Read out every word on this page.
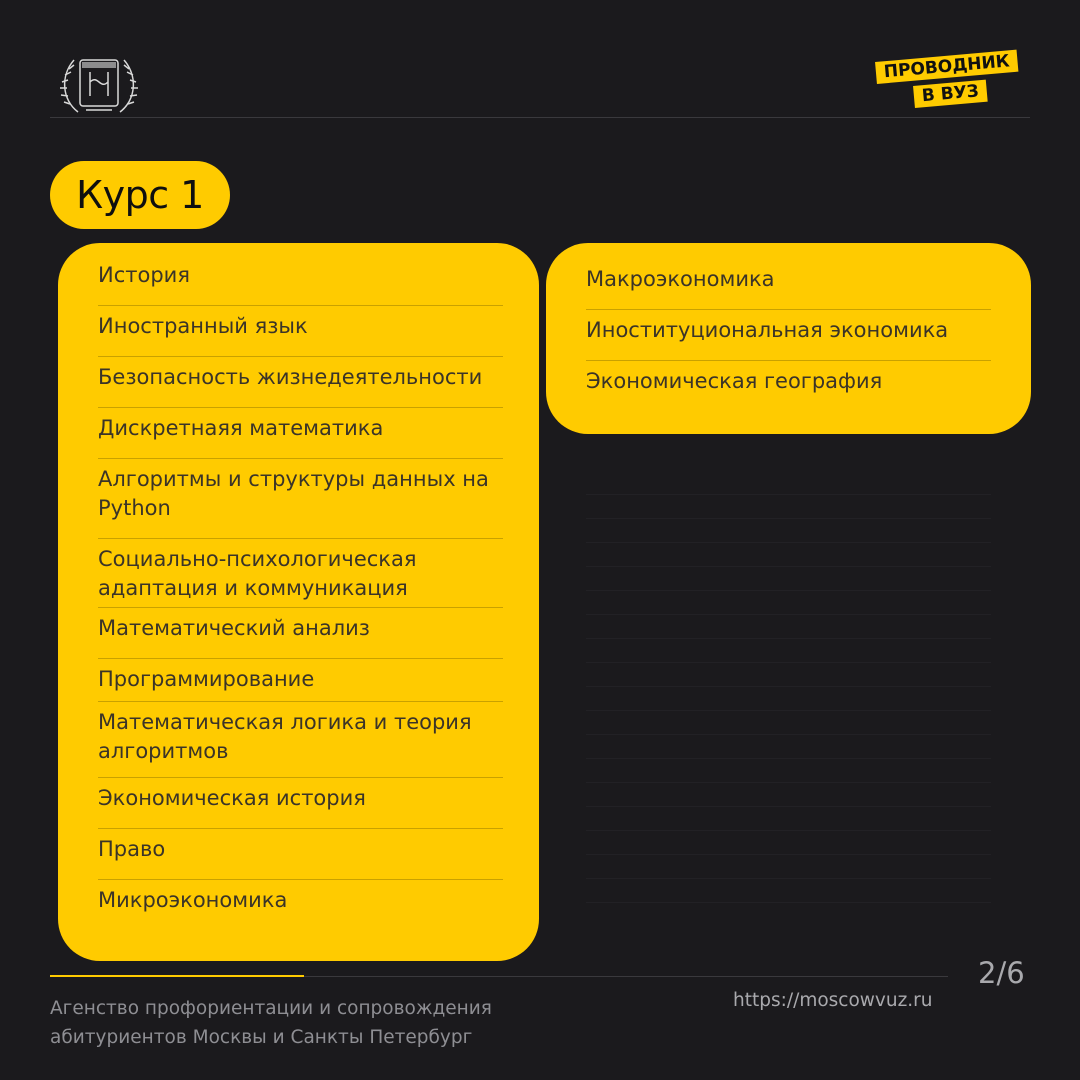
ПРОВОДНИК
В ВУЗ
Курс 1
История
Иностранный язык
Безопасность жизнедеятельности
Дискретнаяя математика
Алгоритмы и структуры данных на Python
Социально-психологическая адаптация и коммуникация
Математический анализ
Программирование
Математическая логика и теория алгоритмов
Экономическая история
Право
Микроэкономика
Макроэкономика
Иноституциональная экономика
Экономическая география
2/6
Агенство профориентации и сопровождения
абитуриентов Москвы и Санкты Петербург
https://moscowvuz.ru
